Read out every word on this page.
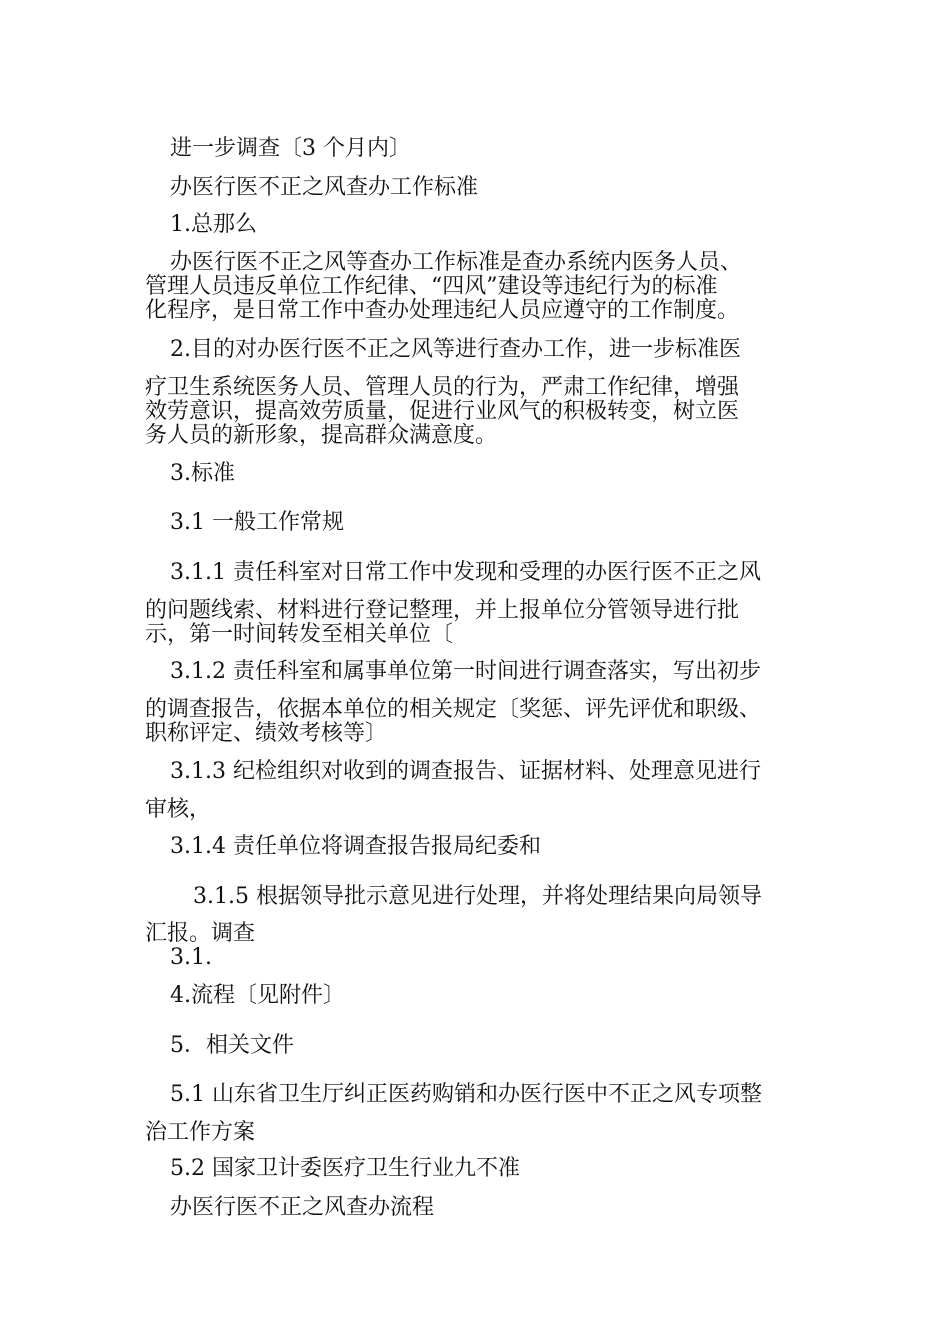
进一步调查〔3 个月内〕
办医行医不正之风查办工作标准
1.总那么
办医行医不正之风等查办工作标准是查办系统内医务人员、
管理人员违反单位工作纪律、“四风”建设等违纪行为的标准
化程序，是日常工作中查办处理违纪人员应遵守的工作制度。
2.目的对办医行医不正之风等进行查办工作，进一步标准医
疗卫生系统医务人员、管理人员的行为，严肃工作纪律，增强
效劳意识，提高效劳质量，促进行业风气的积极转变，树立医
务人员的新形象，提高群众满意度。
3.标准
3.1 一般工作常规
3.1.1 责任科室对日常工作中发现和受理的办医行医不正之风
的问题线索、材料进行登记整理，并上报单位分管领导进行批
示，第一时间转发至相关单位〔
3.1.2 责任科室和属事单位第一时间进行调查落实，写出初步
的调查报告，依据本单位的相关规定〔奖惩、评先评优和职级、
职称评定、绩效考核等〕
3.1.3 纪检组织对收到的调查报告、证据材料、处理意见进行
审核，
3.1.4 责任单位将调查报告报局纪委和
3.1.5 根据领导批示意见进行处理，并将处理结果向局领导
汇报。调查
3.1.
4.流程〔见附件〕
5．相关文件
5.1 山东省卫生厅纠正医药购销和办医行医中不正之风专项整
治工作方案
5.2 国家卫计委医疗卫生行业九不准
办医行医不正之风查办流程
